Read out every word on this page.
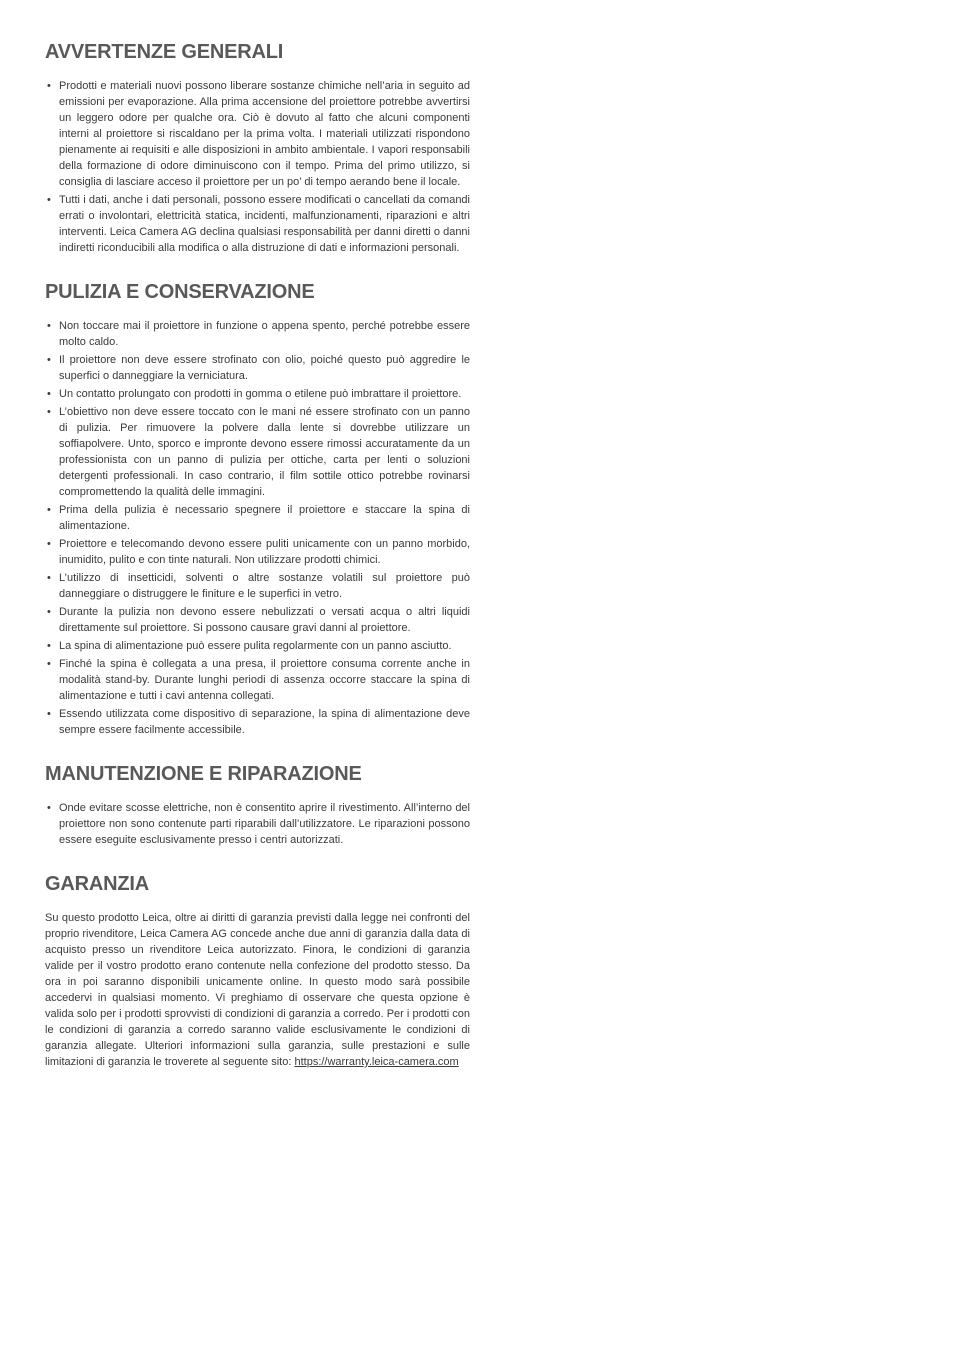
AVVERTENZE GENERALI
• Prodotti e materiali nuovi possono liberare sostanze chimiche nell’aria in seguito ad emissioni per evaporazione. Alla prima accensione del proiettore potrebbe avvertirsi un leggero odore per qualche ora. Ciò è dovuto al fatto che alcuni componenti interni al proiettore si riscaldano per la prima volta. I materiali utilizzati rispondono pienamente ai requisiti e alle disposizioni in ambito ambientale. I vapori responsabili della formazione di odore diminuiscono con il tempo. Prima del primo utilizzo, si consiglia di lasciare acceso il proiettore per un po’ di tempo aerando bene il locale.
• Tutti i dati, anche i dati personali, possono essere modificati o cancellati da comandi errati o involontari, elettricità statica, incidenti, malfunzionamenti, riparazioni e altri interventi. Leica Camera AG declina qualsiasi responsabilità per danni diretti o danni indiretti riconducibili alla modifica o alla distruzione di dati e informazioni personali.
PULIZIA E CONSERVAZIONE
• Non toccare mai il proiettore in funzione o appena spento, perché potrebbe essere molto caldo.
• Il proiettore non deve essere strofinato con olio, poiché questo può aggredire le superfici o danneggiare la verniciatura.
• Un contatto prolungato con prodotti in gomma o etilene può imbrattare il proiettore.
• L’obiettivo non deve essere toccato con le mani né essere strofinato con un panno di pulizia. Per rimuovere la polvere dalla lente si dovrebbe utilizzare un soffiapolvere. Unto, sporco e impronte devono essere rimossi accuratamente da un professionista con un panno di pulizia per ottiche, carta per lenti o soluzioni detergenti professionali. In caso contrario, il film sottile ottico potrebbe rovinarsi compromettendo la qualità delle immagini.
• Prima della pulizia è necessario spegnere il proiettore e staccare la spina di alimentazione.
• Proiettore e telecomando devono essere puliti unicamente con un panno morbido, inumidito, pulito e con tinte naturali. Non utilizzare prodotti chimici.
• L’utilizzo di insetticidi, solventi o altre sostanze volatili sul proiettore può danneggiare o distruggere le finiture e le superfici in vetro.
• Durante la pulizia non devono essere nebulizzati o versati acqua o altri liquidi direttamente sul proiettore. Si possono causare gravi danni al proiettore.
• La spina di alimentazione può essere pulita regolarmente con un panno asciutto.
• Finché la spina è collegata a una presa, il proiettore consuma corrente anche in modalità stand-by. Durante lunghi periodi di assenza occorre staccare la spina di alimentazione e tutti i cavi antenna collegati.
• Essendo utilizzata come dispositivo di separazione, la spina di alimentazione deve sempre essere facilmente accessibile.
MANUTENZIONE E RIPARAZIONE
• Onde evitare scosse elettriche, non è consentito aprire il rivestimento. All’interno del proiettore non sono contenute parti riparabili dall’utilizzatore. Le riparazioni possono essere eseguite esclusivamente presso i centri autorizzati.
GARANZIA

Su questo prodotto Leica, oltre ai diritti di garanzia previsti dalla legge nei confronti del proprio rivenditore, Leica Camera AG concede anche due anni di garanzia dalla data di acquisto presso un rivenditore Leica autorizzato. Finora, le condizioni di garanzia valide per il vostro prodotto erano contenute nella confezione del prodotto stesso. Da ora in poi saranno disponibili unicamente online. In questo modo sarà possibile accedervi in qualsiasi momento. Vi preghiamo di osservare che questa opzione è valida solo per i prodotti sprovvisti di condizioni di garanzia a corredo. Per i prodotti con le condizioni di garanzia a corredo saranno valide esclusivamente le condizioni di garanzia allegate. Ulteriori informazioni sulla garanzia, sulle prestazioni e sulle limitazioni di garanzia le troverete al seguente sito: https://warranty.leica-camera.com
